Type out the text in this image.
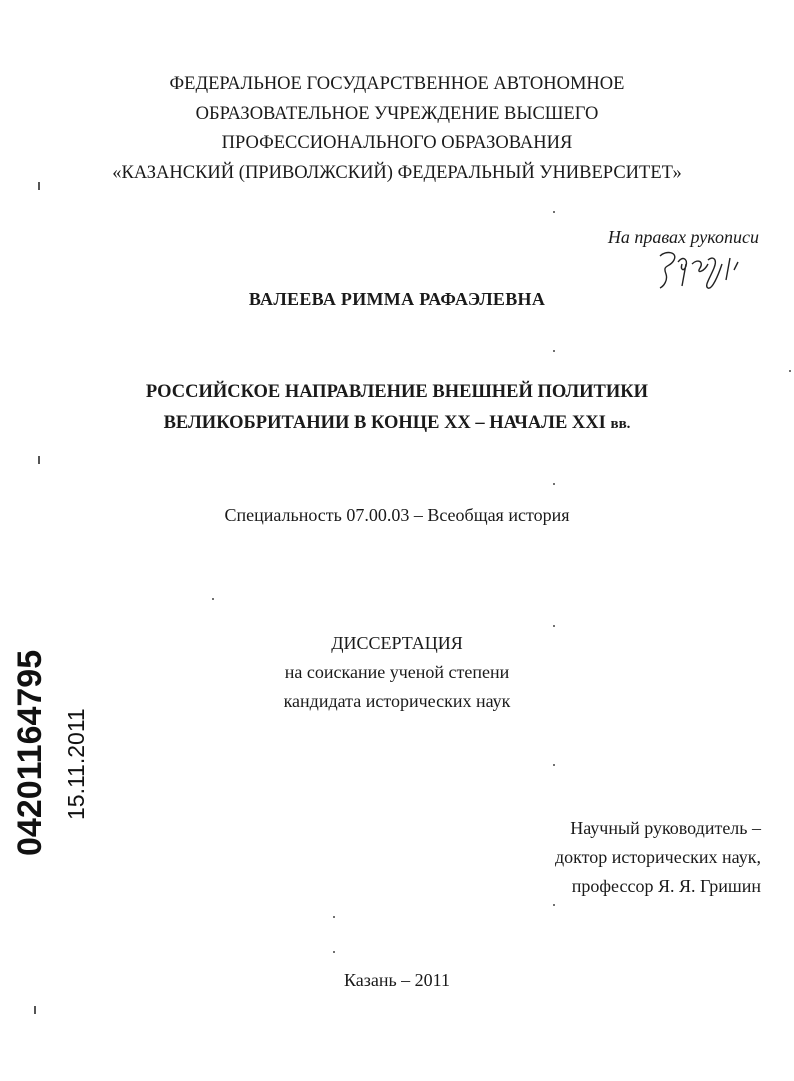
ФЕДЕРАЛЬНОЕ ГОСУДАРСТВЕННОЕ АВТОНОМНОЕ
ОБРАЗОВАТЕЛЬНОЕ УЧРЕЖДЕНИЕ ВЫСШЕГО
ПРОФЕССИОНАЛЬНОГО ОБРАЗОВАНИЯ
«КАЗАНСКИЙ (ПРИВОЛЖСКИЙ) ФЕДЕРАЛЬНЫЙ УНИВЕРСИТЕТ»
На правах рукописи
ВАЛЕЕВА РИММА РАФАЭЛЕВНА
РОССИЙСКОЕ НАПРАВЛЕНИЕ ВНЕШНЕЙ ПОЛИТИКИ
ВЕЛИКОБРИТАНИИ В КОНЦЕ XX – НАЧАЛЕ XXI вв.
Специальность 07.00.03 – Всеобщая история
ДИССЕРТАЦИЯ
на соискание ученой степени
кандидата исторических наук
Научный руководитель –
доктор исторических наук,
профессор Я. Я. Гришин
Казань – 2011
04201164795 15.11.2011
